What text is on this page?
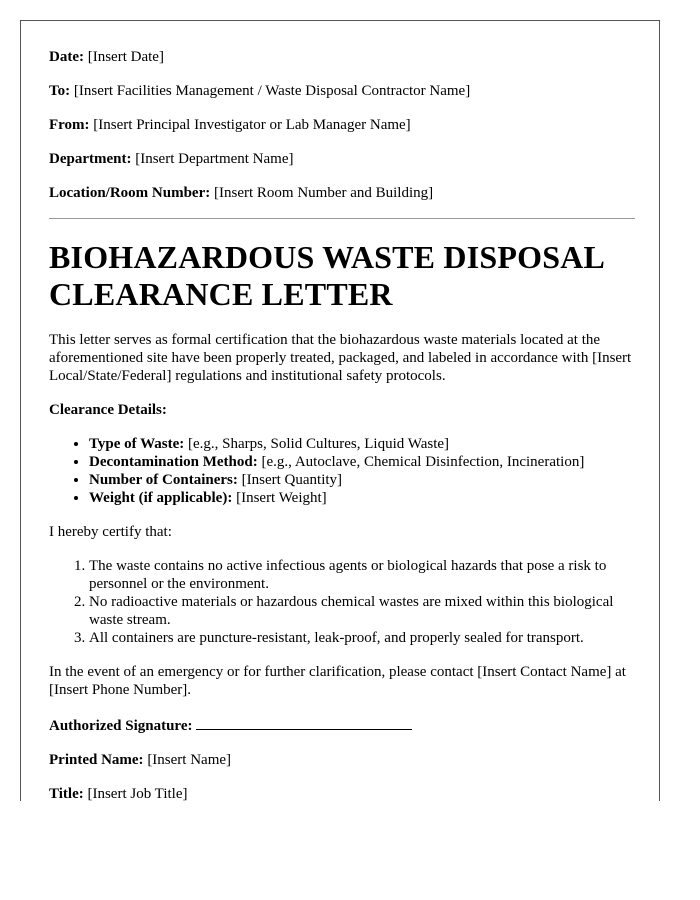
Date: [Insert Date]
To: [Insert Facilities Management / Waste Disposal Contractor Name]
From: [Insert Principal Investigator or Lab Manager Name]
Department: [Insert Department Name]
Location/Room Number: [Insert Room Number and Building]
BIOHAZARDOUS WASTE DISPOSAL CLEARANCE LETTER

This letter serves as formal certification that the biohazardous waste materials located at the aforementioned site have been properly treated, packaged, and labeled in accordance with [Insert Local/State/Federal] regulations and institutional safety protocols.

Clearance Details:

• Type of Waste: [e.g., Sharps, Solid Cultures, Liquid Waste]
• Decontamination Method: [e.g., Autoclave, Chemical Disinfection, Incineration]
• Number of Containers: [Insert Quantity]
• Weight (if applicable): [Insert Weight]

I hereby certify that:

1. The waste contains no active infectious agents or biological hazards that pose a risk to personnel or the environment.
2. No radioactive materials or hazardous chemical wastes are mixed within this biological waste stream.
3. All containers are puncture-resistant, leak-proof, and properly sealed for transport.

In the event of an emergency or for further clarification, please contact [Insert Contact Name] at [Insert Phone Number].

Authorized Signature:
Printed Name: [Insert Name]
Title: [Insert Job Title]
